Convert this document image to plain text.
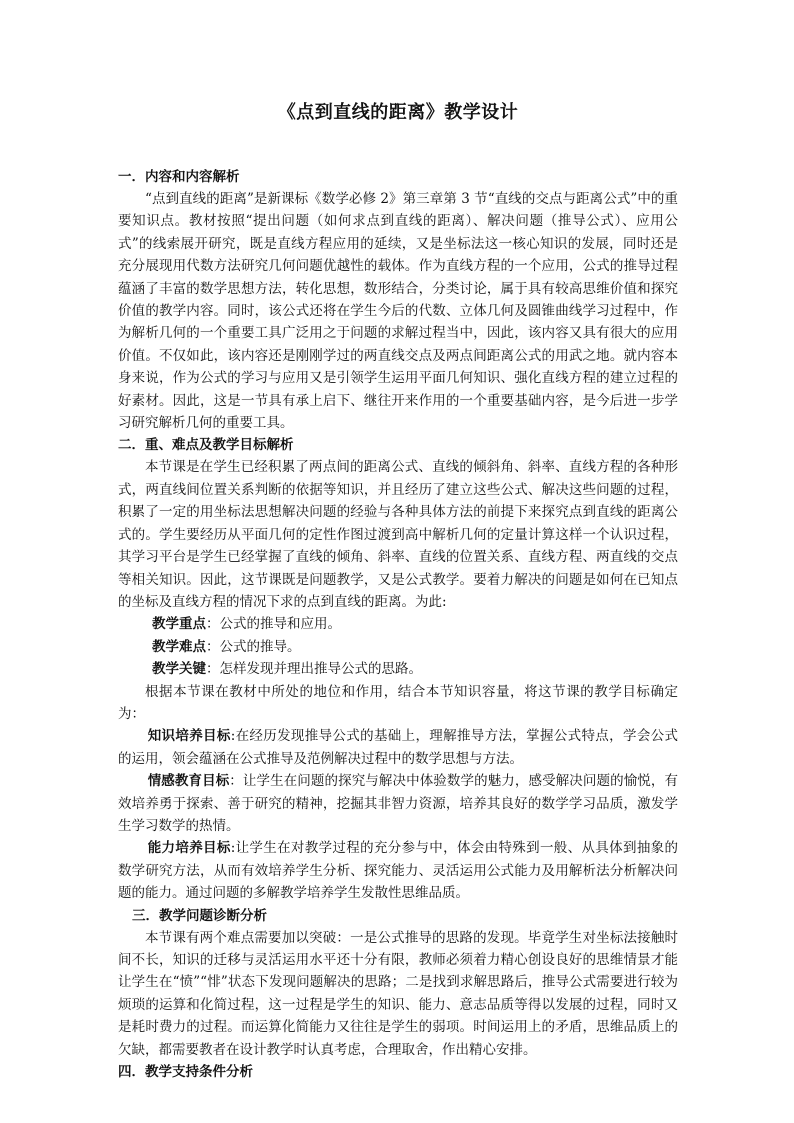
《点到直线的距离》教学设计

一．内容和内容解析

“点到直线的距离”是新课标《数学必修 2》第三章第 3 节“直线的交点与距离公式”中的重要知识点。教材按照“提出问题（如何求点到直线的距离）、解决问题（推导公式）、应用公式”的线索展开研究，既是直线方程应用的延续，又是坐标法这一核心知识的发展，同时还是充分展现用代数方法研究几何问题优越性的载体。作为直线方程的一个应用，公式的推导过程蕴涵了丰富的数学思想方法，转化思想，数形结合，分类讨论，属于具有较高思维价值和探究价值的教学内容。同时，该公式还将在学生今后的代数、立体几何及圆锥曲线学习过程中，作为解析几何的一个重要工具广泛用之于问题的求解过程当中，因此，该内容又具有很大的应用价值。不仅如此，该内容还是刚刚学过的两直线交点及两点间距离公式的用武之地。就内容本身来说，作为公式的学习与应用又是引领学生运用平面几何知识、强化直线方程的建立过程的好素材。因此，这是一节具有承上启下、继往开来作用的一个重要基础内容，是今后进一步学习研究解析几何的重要工具。

二．重、难点及教学目标解析

本节课是在学生已经积累了两点间的距离公式、直线的倾斜角、斜率、直线方程的各种形式，两直线间位置关系判断的依据等知识，并且经历了建立这些公式、解决这些问题的过程，积累了一定的用坐标法思想解决问题的经验与各种具体方法的前提下来探究点到直线的距离公式的。学生要经历从平面几何的定性作图过渡到高中解析几何的定量计算这样一个认识过程，其学习平台是学生已经掌握了直线的倾角、斜率、直线的位置关系、直线方程、两直线的交点等相关知识。因此，这节课既是问题教学，又是公式教学。要着力解决的问题是如何在已知点的坐标及直线方程的情况下求的点到直线的距离。为此:

教学重点：公式的推导和应用。

教学难点：公式的推导。

教学关键：怎样发现并理出推导公式的思路。

根据本节课在教材中所处的地位和作用，结合本节知识容量，将这节课的教学目标确定为：

知识培养目标:在经历发现推导公式的基础上，理解推导方法，掌握公式特点，学会公式的运用，领会蕴涵在公式推导及范例解决过程中的数学思想与方法。

情感教育目标：让学生在问题的探究与解决中体验数学的魅力，感受解决问题的愉悦，有效培养勇于探索、善于研究的精神，挖掘其非智力资源，培养其良好的数学学习品质，激发学生学习数学的热情。

能力培养目标:让学生在对教学过程的充分参与中，体会由特殊到一般、从具体到抽象的数学研究方法，从而有效培养学生分析、探究能力、灵活运用公式能力及用解析法分析解决问题的能力。通过问题的多解教学培养学生发散性思维品质。

三．教学问题诊断分析

本节课有两个难点需要加以突破：一是公式推导的思路的发现。毕竟学生对坐标法接触时间不长，知识的迁移与灵活运用水平还十分有限，教师必须着力精心创设良好的思维情景才能让学生在“愤”“悱”状态下发现问题解决的思路；二是找到求解思路后，推导公式需要进行较为烦琐的运算和化简过程，这一过程是学生的知识、能力、意志品质等得以发展的过程，同时又是耗时费力的过程。而运算化简能力又往往是学生的弱项。时间运用上的矛盾，思维品质上的欠缺，都需要教者在设计教学时认真考虑，合理取舍，作出精心安排。

四．教学支持条件分析
